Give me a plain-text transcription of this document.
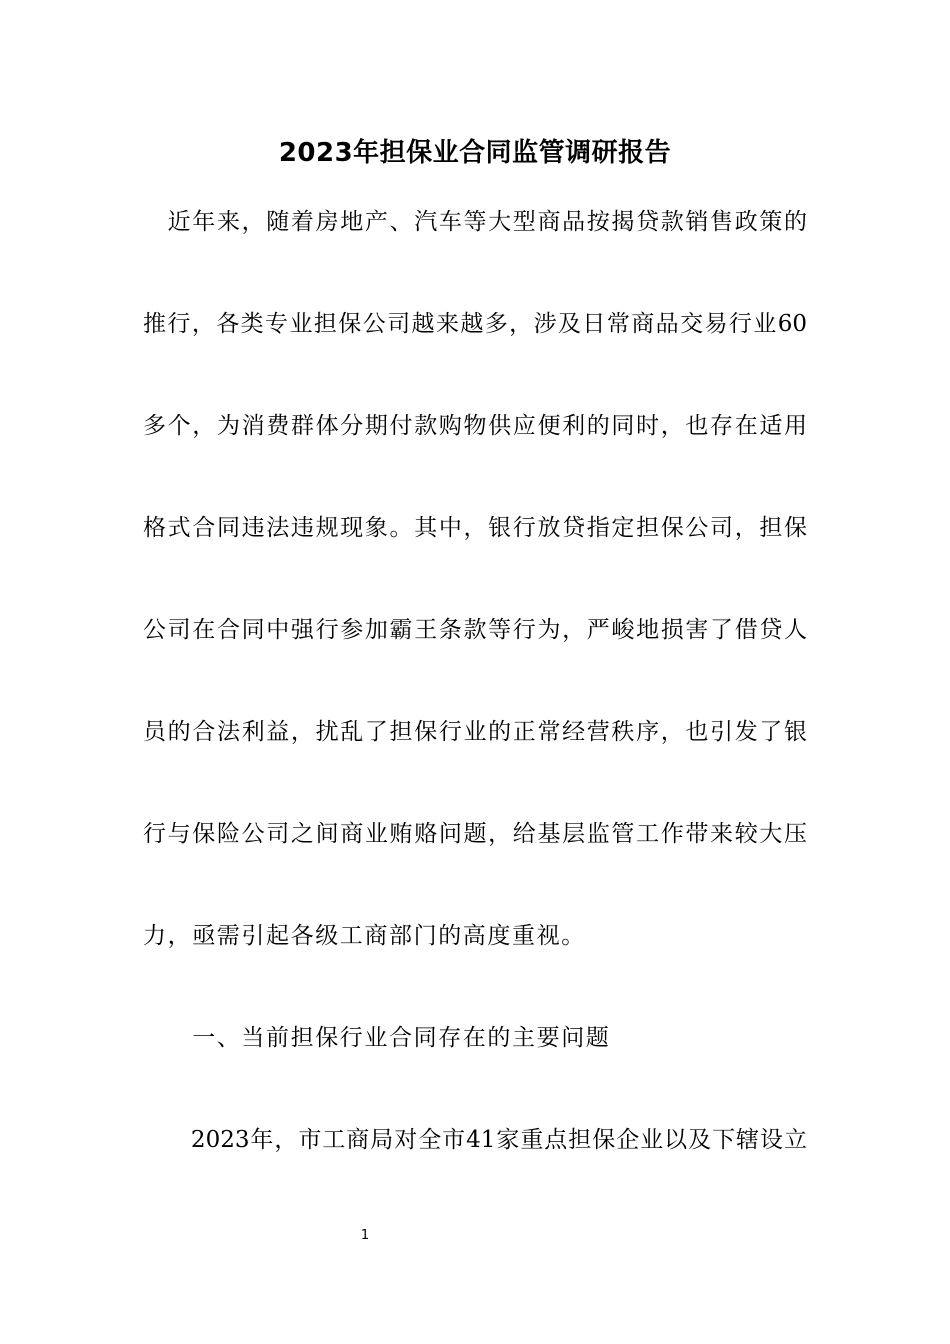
2023年担保业合同监管调研报告
　近年来，随着房地产、汽车等大型商品按揭贷款销售政策的
推行，各类专业担保公司越来越多，涉及日常商品交易行业60
多个，为消费群体分期付款购物供应便利的同时，也存在适用
格式合同违法违规现象。其中，银行放贷指定担保公司，担保
公司在合同中强行参加霸王条款等行为，严峻地损害了借贷人
员的合法利益，扰乱了担保行业的正常经营秩序，也引发了银
行与保险公司之间商业贿赂问题，给基层监管工作带来较大压
力，亟需引起各级工商部门的高度重视。
　　一、当前担保行业合同存在的主要问题
　　2023年，市工商局对全市41家重点担保企业以及下辖设立
1
